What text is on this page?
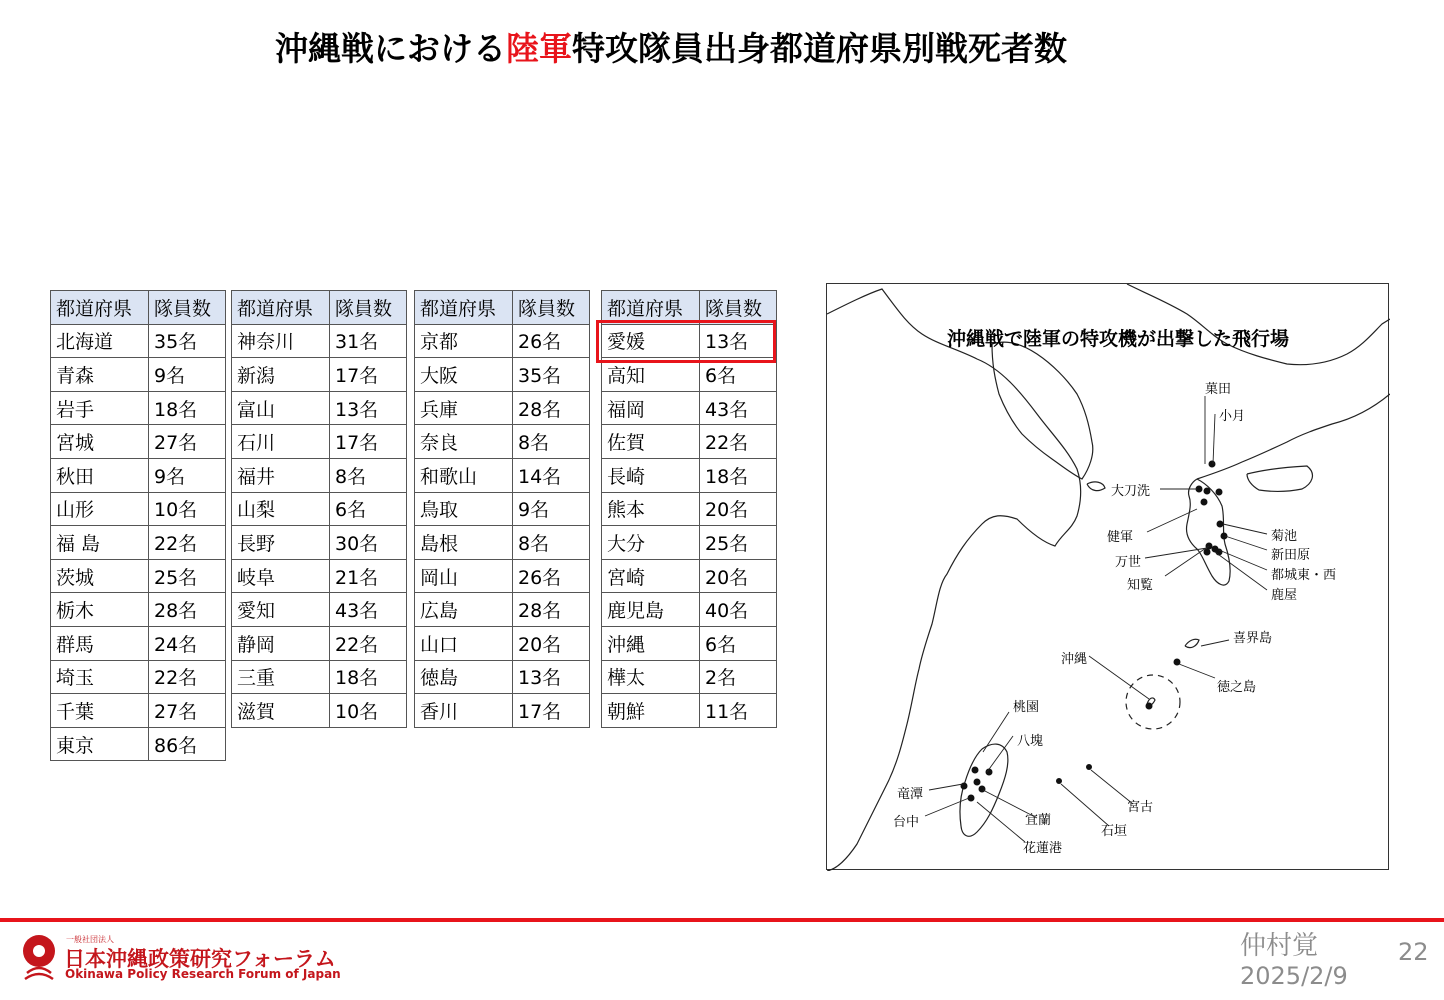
沖縄戦における陸軍特攻隊員出身都道府県別戦死者数
都道府県	隊員数
北海道	35名
青森	9名
岩手	18名
宮城	27名
秋田	9名
山形	10名
福 島	22名
茨城	25名
栃木	28名
群馬	24名
埼玉	22名
千葉	27名
東京	86名
都道府県	隊員数
神奈川	31名
新潟	17名
富山	13名
石川	17名
福井	8名
山梨	6名
長野	30名
岐阜	21名
愛知	43名
静岡	22名
三重	18名
滋賀	10名
都道府県	隊員数
京都	26名
大阪	35名
兵庫	28名
奈良	8名
和歌山	14名
鳥取	9名
島根	8名
岡山	26名
広島	28名
山口	20名
徳島	13名
香川	17名
都道府県	隊員数
愛媛	13名
高知	6名
福岡	43名
佐賀	22名
長崎	18名
熊本	20名
大分	25名
宮崎	20名
鹿児島	40名
沖縄	6名
樺太	2名
朝鮮	11名
沖縄戦で陸軍の特攻機が出撃した飛行場
菓田
小月
大刀洗
健軍	菊池
新田原
都城東・西
鹿屋
万世
知覧
喜界島
沖縄
徳之島
桃園
八塊
竜潭
台中	宜蘭
花蓮港
石垣
宮古
一般社団法人
日本沖縄政策研究フォーラム
Okinawa Policy Research Forum of Japan
仲村覚
2025/2/9
22
